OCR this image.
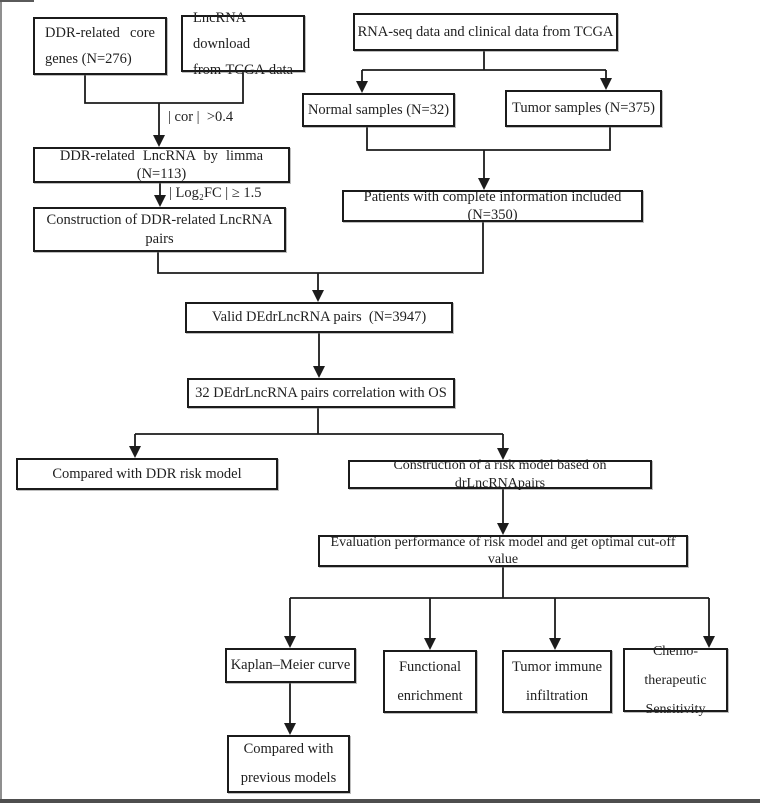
DDR-related core
genes (N=276)
LncRNA download
from TCGA data
RNA-seq data and clinical data from TCGA
Normal samples (N=32)	Tumor samples (N=375)
DDR-related LncRNA by limma (N=113)
Construction of DDR-related LncRNA pairs
Patients with complete information included (N=350)
Valid DEdrLncRNA pairs  (N=3947)
32 DEdrLncRNA pairs correlation with OS
Compared with DDR risk model
Construction of a risk model based on drLncRNApairs
Evaluation performance of risk model and get optimal cut-off value
Kaplan–Meier curve	Functional
enrichment
Tumor immune
infiltration
Chemo-therapeutic
Sensitivity
Compared with
previous models
| cor |  >0.4
| Log₂FC | ≥ 1.5
